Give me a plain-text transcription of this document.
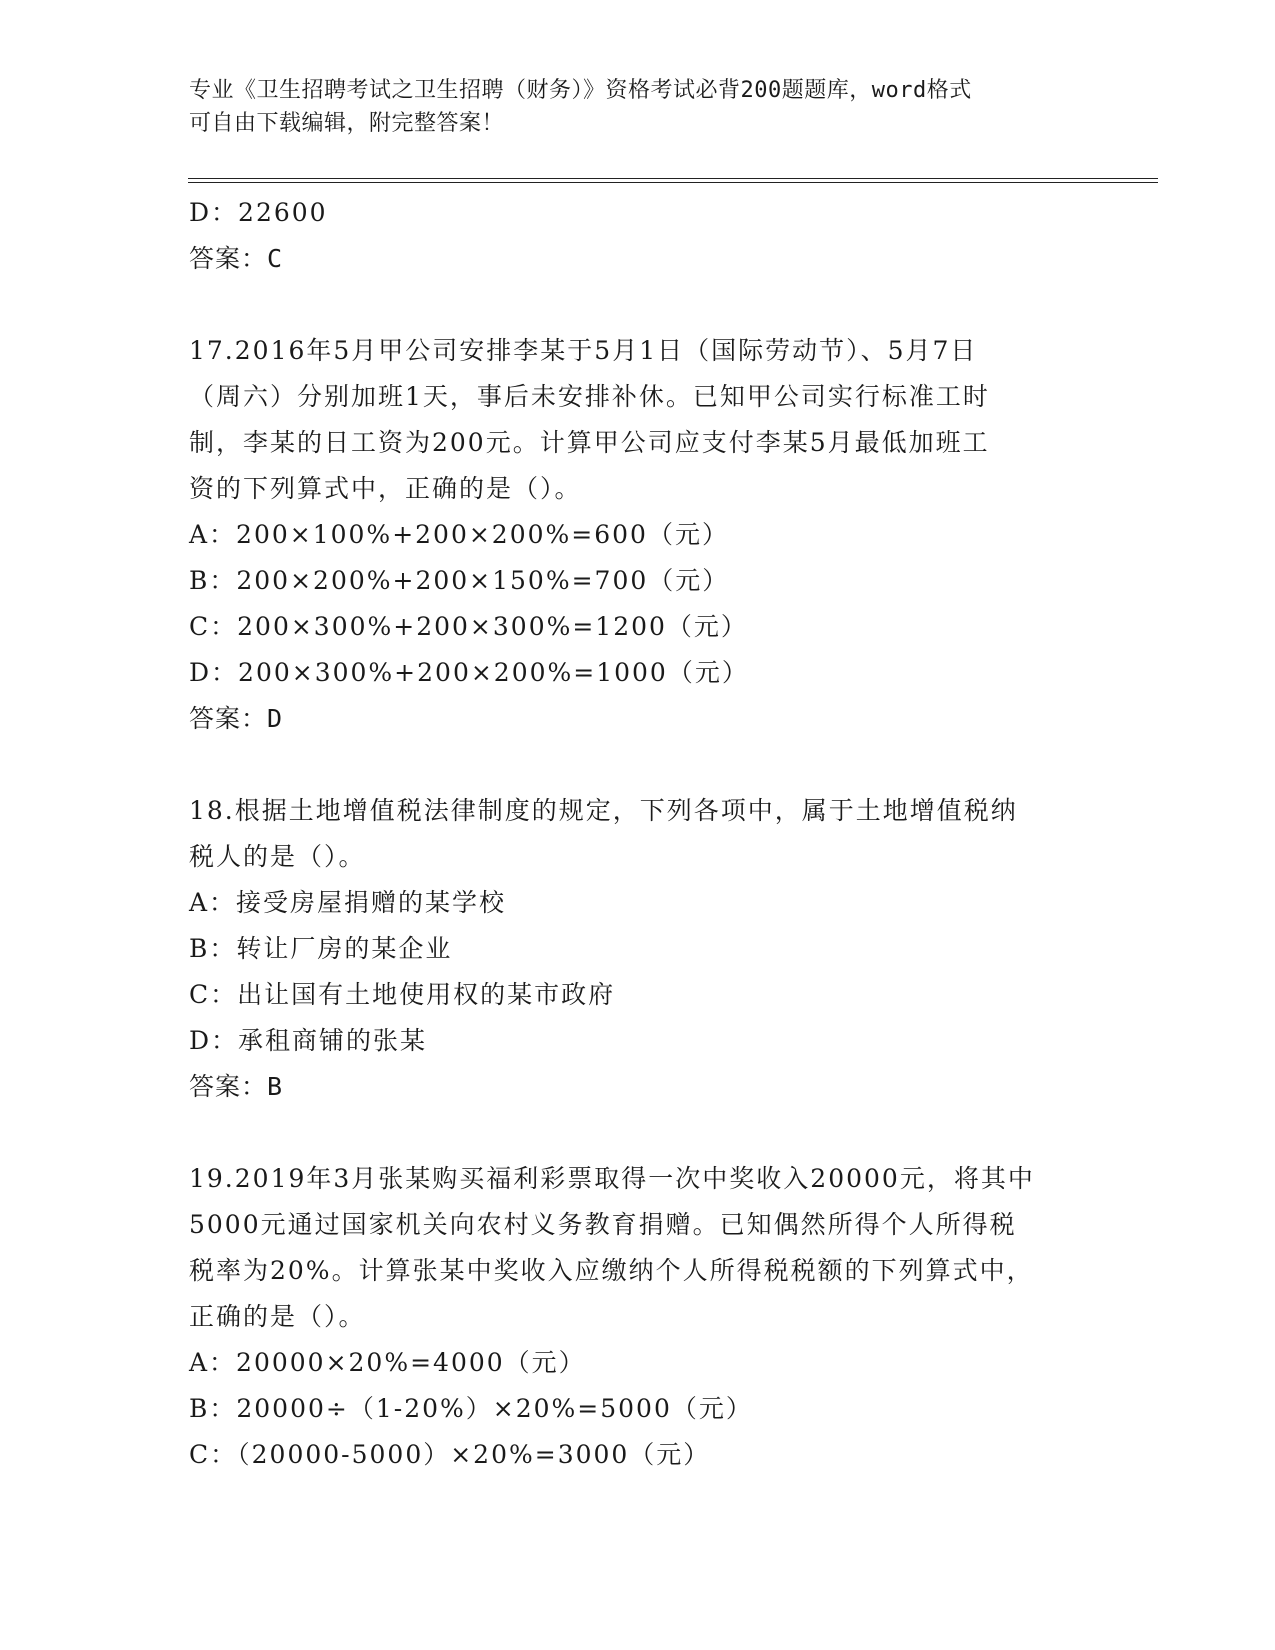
专业《卫生招聘考试之卫生招聘（财务）》资格考试必背200题题库，word格式
可自由下载编辑，附完整答案！
D：22600
答案：C
17.2016年5月甲公司安排李某于5月1日（国际劳动节）、5月7日
（周六）分别加班1天，事后未安排补休。已知甲公司实行标准工时
制，李某的日工资为200元。计算甲公司应支付李某5月最低加班工
资的下列算式中，正确的是（）。
A：200×100%+200×200%=600（元）
B：200×200%+200×150%=700（元）
C：200×300%+200×300%=1200（元）
D：200×300%+200×200%=1000（元）
答案：D
18.根据土地增值税法律制度的规定，下列各项中，属于土地增值税纳
税人的是（）。
A：接受房屋捐赠的某学校
B：转让厂房的某企业
C：出让国有土地使用权的某市政府
D：承租商铺的张某
答案：B
19.2019年3月张某购买福利彩票取得一次中奖收入20000元，将其中
5000元通过国家机关向农村义务教育捐赠。已知偶然所得个人所得税
税率为20%。计算张某中奖收入应缴纳个人所得税税额的下列算式中，
正确的是（）。
A：20000×20%=4000（元）
B：20000÷（1-20%）×20%=5000（元）
C：（20000-5000）×20%=3000（元）
